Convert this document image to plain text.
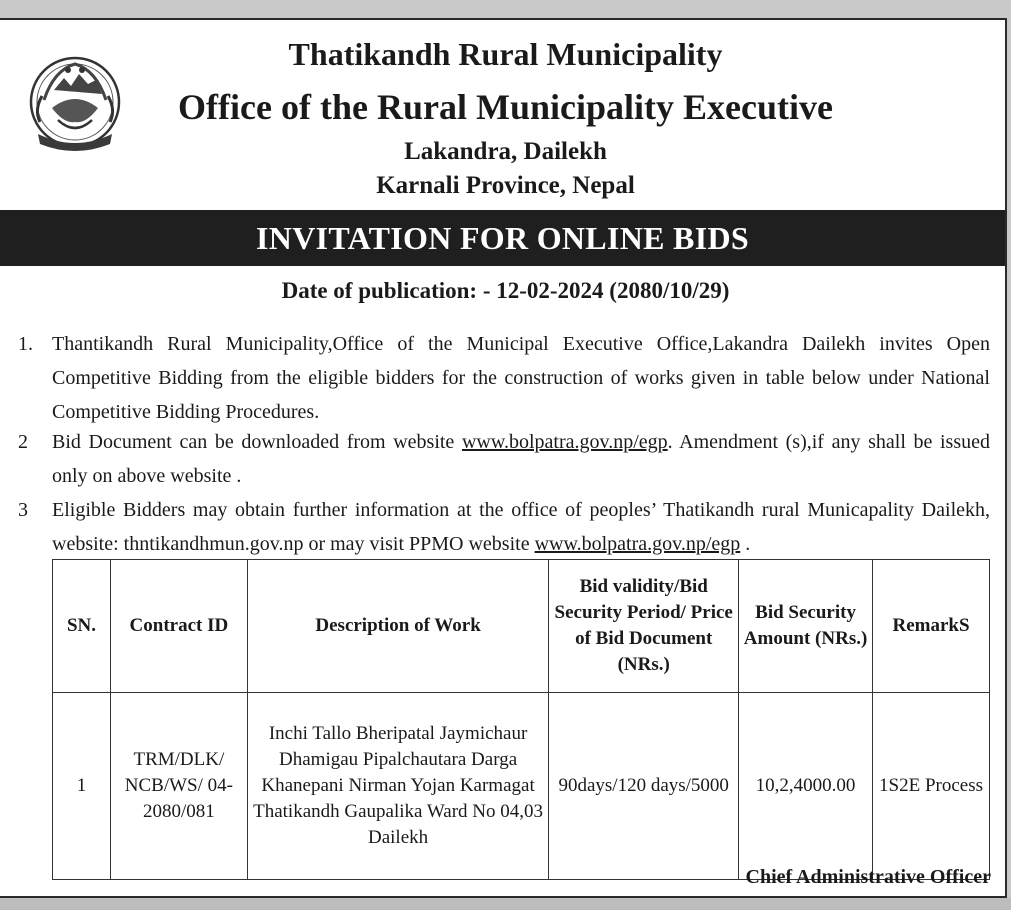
Thatikandh Rural Municipality
Office of the Rural Municipality Executive
Lakandra, Dailekh
Karnali Province, Nepal
INVITATION FOR ONLINE BIDS
Date of publication: - 12-02-2024 (2080/10/29)
1. Thantikandh Rural Municipality,Office of the Municipal Executive Office,Lakandra Dailekh invites Open Competitive Bidding from the eligible bidders for the construction of works given in table below under National Competitive Bidding Procedures.
2	Bid Document can be downloaded from website www.bolpatra.gov.np/egp. Amendment (s),if any shall be issued only on above website .
3	Eligible Bidders may obtain further information at the office of peoples’ Thatikandh rural Municapality Dailekh, website: thntikandhmun.gov.np or may visit PPMO website www.bolpatra.gov.np/egp .
SN.	Contract ID	Description of Work	Bid validity/Bid Security Period/ Price of Bid Document (NRs.)	Bid Security Amount (NRs.)	RemarkS
1	TRM/DLK/ NCB/WS/ 04-2080/081	Inchi Tallo Bheripatal Jaymichaur Dhamigau Pipalchautara Darga Khanepani Nirman Yojan Karmagat Thatikandh Gaupalika Ward No 04,03 Dailekh	90days/120 days/5000	10,2,4000.00	1S2E Process
Chief Administrative Officer
